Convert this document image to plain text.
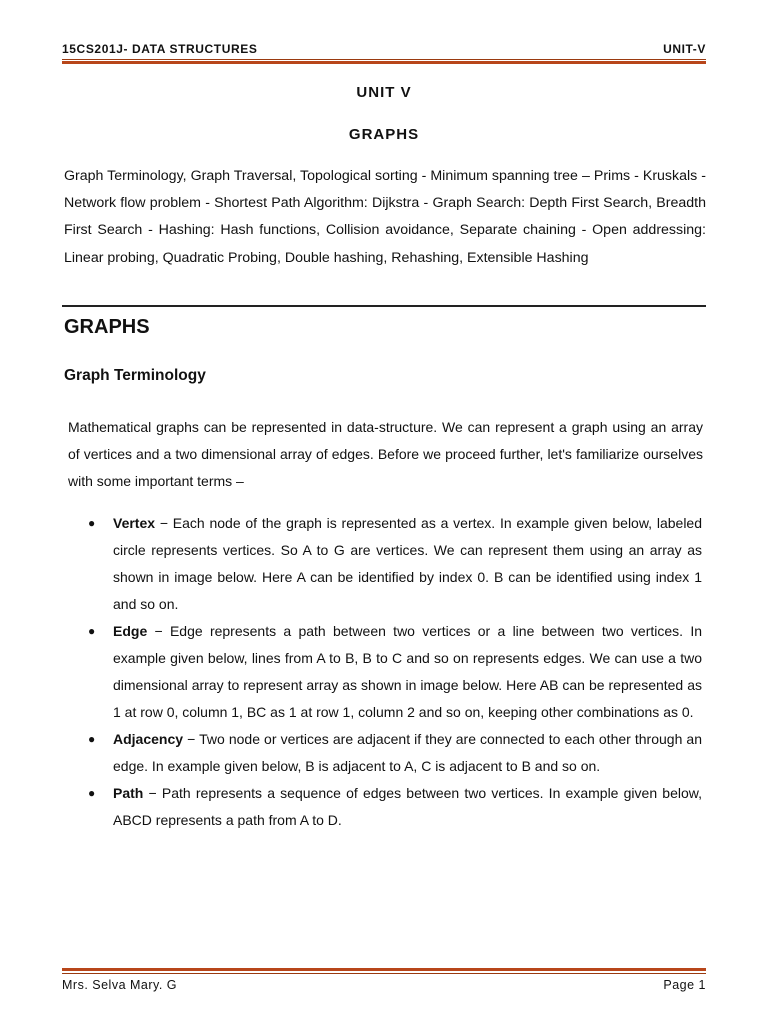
15CS201J- DATA STRUCTURES	UNIT-V
UNIT V
GRAPHS

Graph Terminology, Graph Traversal, Topological sorting - Minimum spanning tree – Prims - Kruskals - Network flow problem - Shortest Path Algorithm: Dijkstra - Graph Search: Depth First Search, Breadth First Search - Hashing: Hash functions, Collision avoidance, Separate chaining - Open addressing: Linear probing, Quadratic Probing, Double hashing, Rehashing, Extensible Hashing

GRAPHS
Graph Terminology

Mathematical graphs can be represented in data-structure. We can represent a graph using an array of vertices and a two dimensional array of edges. Before we proceed further, let's familiarize ourselves with some important terms –

● Vertex − Each node of the graph is represented as a vertex. In example given below, labeled circle represents vertices. So A to G are vertices. We can represent them using an array as shown in image below. Here A can be identified by index 0. B can be identified using index 1 and so on.
● Edge − Edge represents a path between two vertices or a line between two vertices. In example given below, lines from A to B, B to C and so on represents edges. We can use a two dimensional array to represent array as shown in image below. Here AB can be represented as 1 at row 0, column 1, BC as 1 at row 1, column 2 and so on, keeping other combinations as 0.
● Adjacency − Two node or vertices are adjacent if they are connected to each other through an edge. In example given below, B is adjacent to A, C is adjacent to B and so on.
● Path − Path represents a sequence of edges between two vertices. In example given below, ABCD represents a path from A to D.
Mrs. Selva Mary. G	Page 1
